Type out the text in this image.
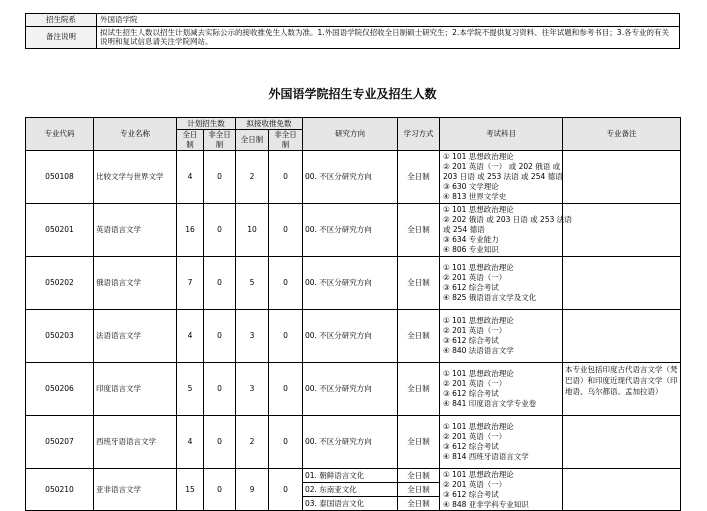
招生院系	外国语学院
备注说明	拟试生招生人数以招生计划减去实际公示的接收推免生人数为准。1.外国语学院仅招收全日制硕士研究生；2.本学院不提供复习资料、往年试题和参考书目；3.各专业的有关说明和复试信息请关注学院网站。
外国语学院招生专业及招生人数
专业代码	专业名称	计划招生数		拟接收推免数		研究方向	学习方式	考试科目	专业备注
		全日制	非全日制	全日制	非全日制				
050108	比较文学与世界文学	4	0	2	0	00. 不区分研究方向	全日制	① 101 思想政治理论
② 201 英语（一） 或 202 俄语 或
203 日语 或 253 法语 或 254 德语
③ 630 文学理论
④ 813 世界文学史	

050201	英语语言文学	16	0	10	0	00. 不区分研究方向	全日制	① 101 思想政治理论
② 202 俄语 或 203 日语 或 253 法语
或 254 德语
③ 634 专业能力
④ 806 专业知识	

050202	俄语语言文学	7	0	5	0	00. 不区分研究方向	全日制	① 101 思想政治理论
② 201 英语（一）
③ 612 综合考试
④ 825 俄语语言文学及文化	

050203	法语语言文学	4	0	3	0	00. 不区分研究方向	全日制	① 101 思想政治理论
② 201 英语（一）
③ 612 综合考试
④ 840 法语语言文学	

050206	印度语言文学	5	0	3	0	00. 不区分研究方向	全日制	① 101 思想政治理论
② 201 英语（一）
③ 612 综合考试
④ 841 印度语言文学专业卷	本专业包括印度古代语言文学（梵巴语）和印度近现代语言文学（印地语、乌尔都语、孟加拉语）
050207	西班牙语语言文学	4	0	2	0	00. 不区分研究方向	全日制	① 101 思想政治理论
② 201 英语（一）
③ 612 综合考试
④ 814 西班牙语语言文学	

050210	亚非语言文学	15	0	9	0	01. 朝鲜语言文化	全日制	① 101 思想政治理论
② 201 英语（一）
③ 612 综合考试
④ 848 亚非学科专业知识	

						02. 东南亚文化	全日制		
						03. 泰国语言文化	全日制		
